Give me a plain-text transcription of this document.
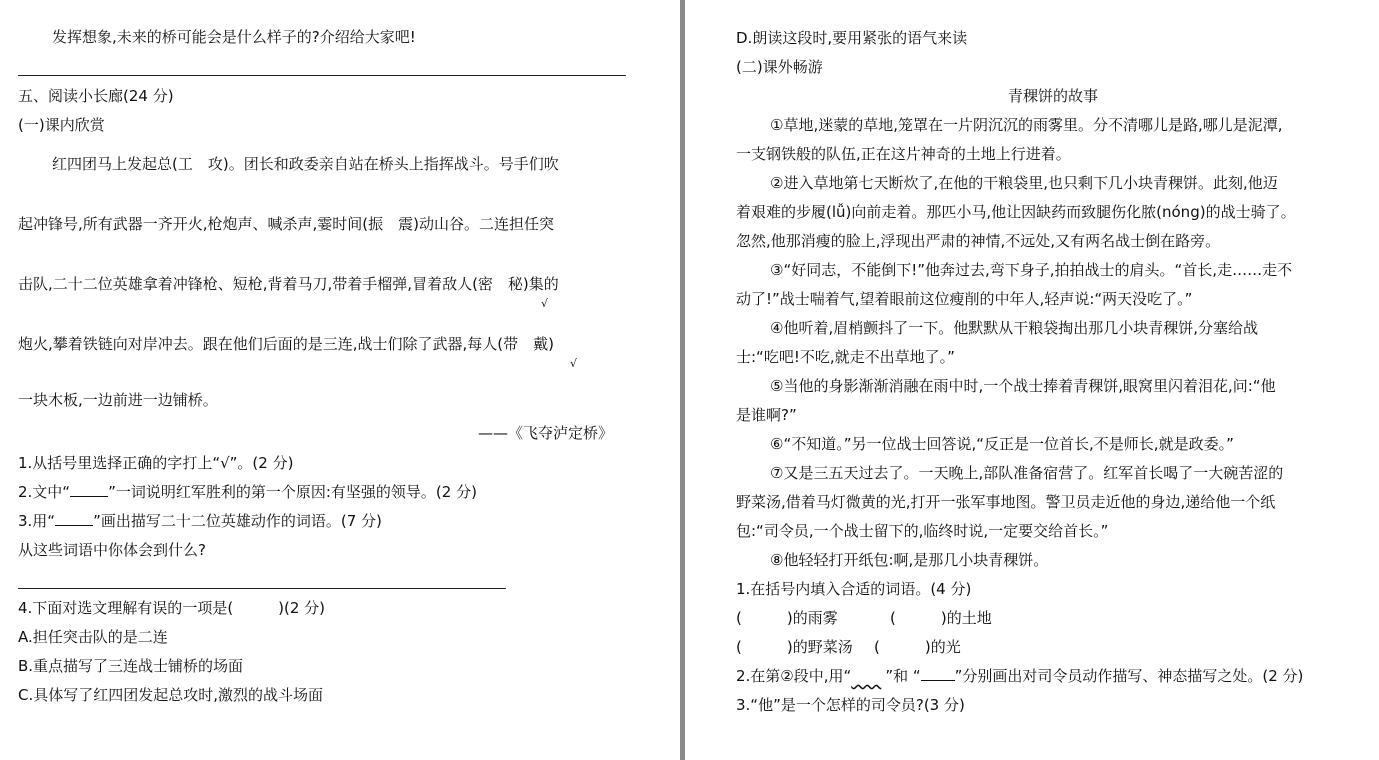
发挥想象,未来的桥可能会是什么样子的?介绍给大家吧!
五、阅读小长廊(24 分)
(一)课内欣赏
红四团马上发起总(工　攻)。团长和政委亲自站在桥头上指挥战斗。号手们吹
起冲锋号,所有武器一齐开火,枪炮声、喊杀声,霎时间(振　震)动山谷。二连担任突
击队,二十二位英雄拿着冲锋枪、短枪,背着马刀,带着手榴弹,冒着敌人(密　秘)集的
√
炮火,攀着铁链向对岸冲去。跟在他们后面的是三连,战士们除了武器,每人(带　戴)
√
一块木板,一边前进一边铺桥。
——《飞夺泸定桥》
1.从括号里选择正确的字打上“√”。(2 分)
2.文中“	”一词说明红军胜利的第一个原因:有坚强的领导。(2 分)
3.用“	”画出描写二十二位英雄动作的词语。(7 分)
从这些词语中你体会到什么?
4.下面对选文理解有误的一项是(　　　)(2 分)
A.担任突击队的是二连
B.重点描写了三连战士铺桥的场面
C.具体写了红四团发起总攻时,激烈的战斗场面
D.朗读这段时,要用紧张的语气来读
(二)课外畅游
青稞饼的故事
①草地,迷蒙的草地,笼罩在一片阴沉沉的雨雾里。分不清哪儿是路,哪儿是泥潭,
一支钢铁般的队伍,正在这片神奇的土地上行进着。
②进入草地第七天断炊了,在他的干粮袋里,也只剩下几小块青稞饼。此刻,他迈
着艰难的步履(lǚ)向前走着。那匹小马,他让因缺药而致腿伤化脓(nóng)的战士骑了。
忽然,他那消瘦的脸上,浮现出严肃的神情,不远处,又有两名战士倒在路旁。
③“好同志，不能倒下!”他奔过去,弯下身子,拍拍战士的肩头。“首长,走……走不
动了!”战士喘着气,望着眼前这位瘦削的中年人,轻声说:“两天没吃了。”
④他听着,眉梢颤抖了一下。他默默从干粮袋掏出那几小块青稞饼,分塞给战
士:“吃吧!不吃,就走不出草地了。”
⑤当他的身影渐渐消融在雨中时,一个战士捧着青稞饼,眼窝里闪着泪花,问:“他
是谁啊?”
⑥“不知道。”另一位战士回答说,“反正是一位首长,不是师长,就是政委。”
⑦又是三五天过去了。一天晚上,部队准备宿营了。红军首长喝了一大碗苦涩的
野菜汤,借着马灯微黄的光,打开一张军事地图。警卫员走近他的身边,递给他一个纸
包:“司令员,一个战士留下的,临终时说,一定要交给首长。”
⑧他轻轻打开纸包:啊,是那几小块青稞饼。
1.在括号内填入合适的词语。(4 分)
(　　　)的雨雾	(　　　)的土地
(　　　)的野菜汤 (　　　)的光
2.在第②段中,用“   ”和 “ ”分别画出对司令员动作描写、神态描写之处。(2 分)
3.“他”是一个怎样的司令员?(3 分)
